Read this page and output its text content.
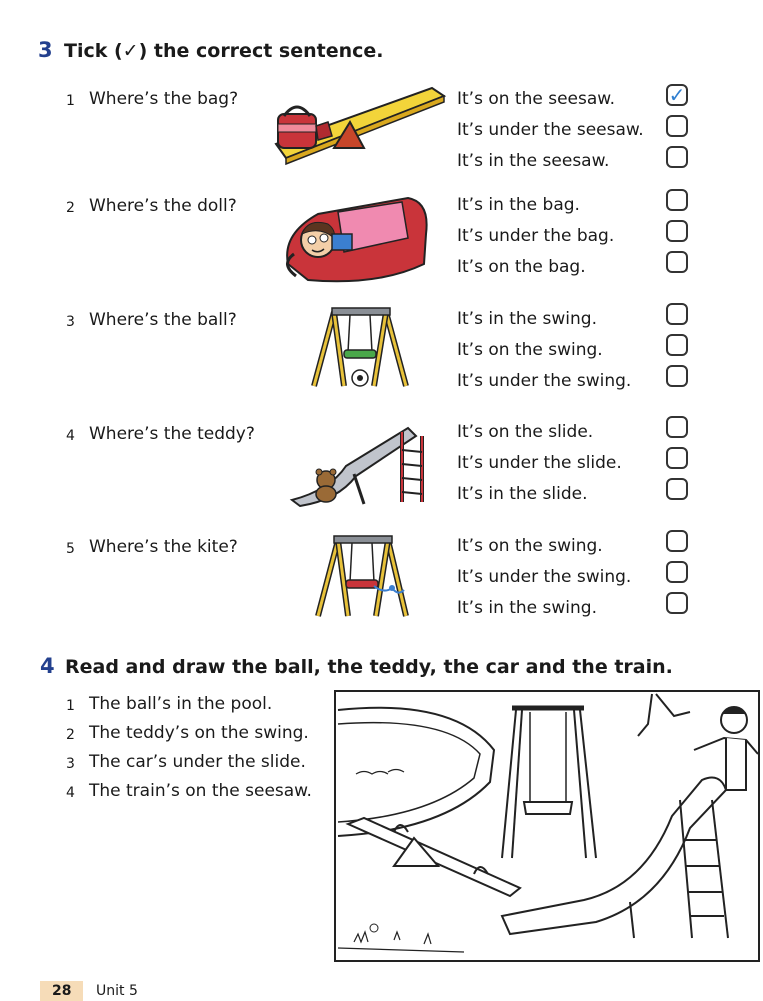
3 Tick (✓) the correct sentence.
1 Where’s the bag?	It’s on the seesaw.
It’s under the seesaw.
It’s in the seesaw.
✓
2 Where’s the doll?	It’s in the bag.
It’s under the bag.
It’s on the bag.
3 Where’s the ball?	It’s in the swing.
It’s on the swing.
It’s under the swing.
4 Where’s the teddy?	It’s on the slide.
It’s under the slide.
It’s in the slide.
5 Where’s the kite?	It’s on the swing.
It’s under the swing.
It’s in the swing.
4 Read and draw the ball, the teddy, the car and the train.
1 The ball’s in the pool.
2 The teddy’s on the swing.
3 The car’s under the slide.
4 The train’s on the seesaw.
28	Unit 5
